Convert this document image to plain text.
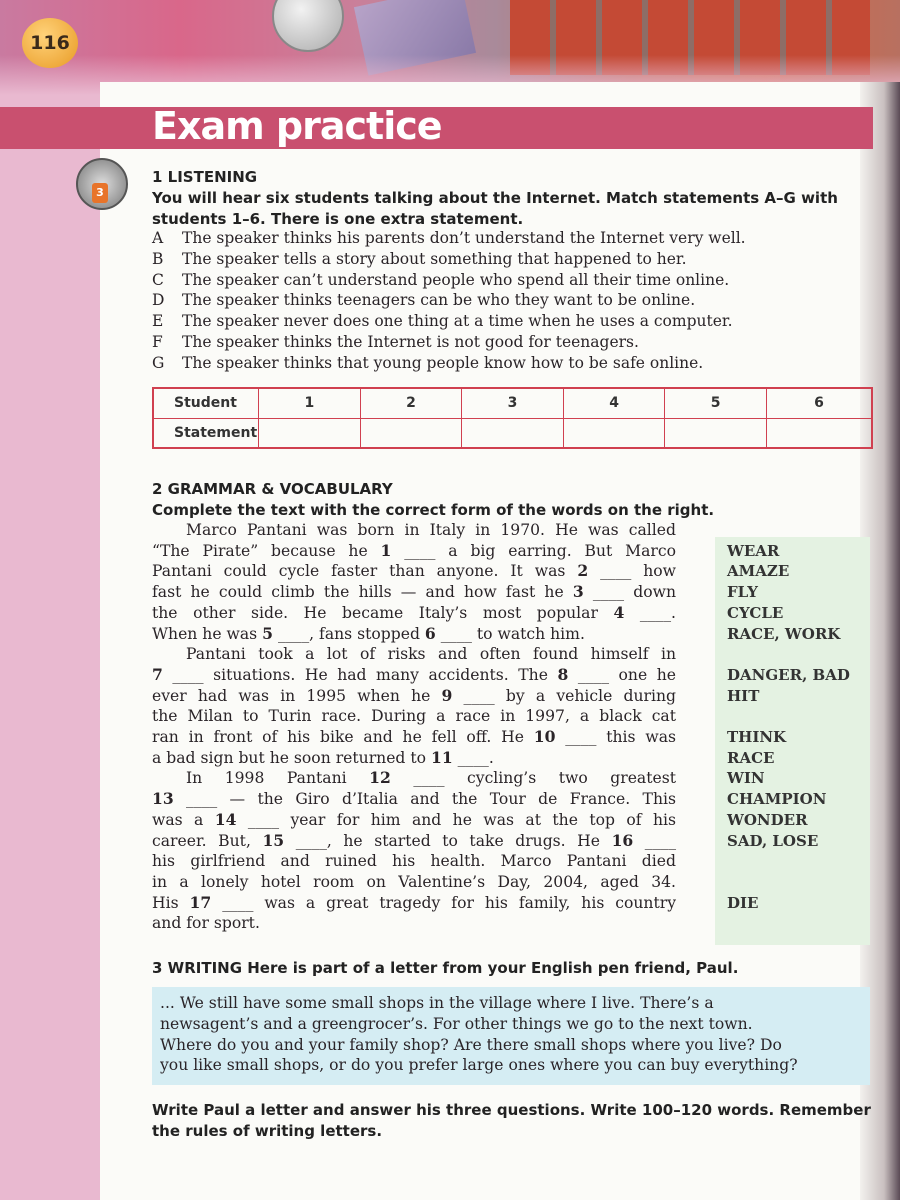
116
Exam practice
3
1 LISTENING
You will hear six students talking about the Internet. Match statements A–G with
students 1–6. There is one extra statement.
A The speaker thinks his parents don’t understand the Internet very well.
B The speaker tells a story about something that happened to her.
C The speaker can’t understand people who spend all their time online.
D The speaker thinks teenagers can be who they want to be online.
E The speaker never does one thing at a time when he uses a computer.
F The speaker thinks the Internet is not good for teenagers.
G The speaker thinks that young people know how to be safe online.
Student	1	2	3	4	5	6
Statement						
2 GRAMMAR & VOCABULARY
Complete the text with the correct form of the words on the right.
Marco Pantani was born in Italy in 1970. He was called
“The Pirate” because he 1 ____ a big earring. But Marco
Pantani could cycle faster than anyone. It was 2 ____ how
fast he could climb the hills — and how fast he 3 ____ down
the other side. He became Italy’s most popular 4 ____.
When he was 5 ____, fans stopped 6 ____ to watch him.
Pantani took a lot of risks and often found himself in
7 ____ situations. He had many accidents. The 8 ____ one he
ever had was in 1995 when he 9 ____ by a vehicle during
the Milan to Turin race. During a race in 1997, a black cat
ran in front of his bike and he fell off. He 10 ____ this was
a bad sign but he soon returned to 11 ____.
In 1998 Pantani 12 ____ cycling’s two greatest
13 ____ — the Giro d’Italia and the Tour de France. This
was a 14 ____ year for him and he was at the top of his
career. But, 15 ____, he started to take drugs. He 16 ____
his girlfriend and ruined his health. Marco Pantani died
in a lonely hotel room on Valentine’s Day, 2004, aged 34.
His 17 ____ was a great tragedy for his family, his country
and for sport.
WEAR
AMAZE
FLY
CYCLE
RACE, WORK
DANGER, BAD
HIT
THINK
RACE
WIN
CHAMPION
WONDER
SAD, LOSE
DIE
3 WRITING Here is part of a letter from your English pen friend, Paul.
... We still have some small shops in the village where I live. There’s a
newsagent’s and a greengrocer’s. For other things we go to the next town.
Where do you and your family shop? Are there small shops where you live? Do
you like small shops, or do you prefer large ones where you can buy everything?
Write Paul a letter and answer his three questions. Write 100–120 words. Remember
the rules of writing letters.
